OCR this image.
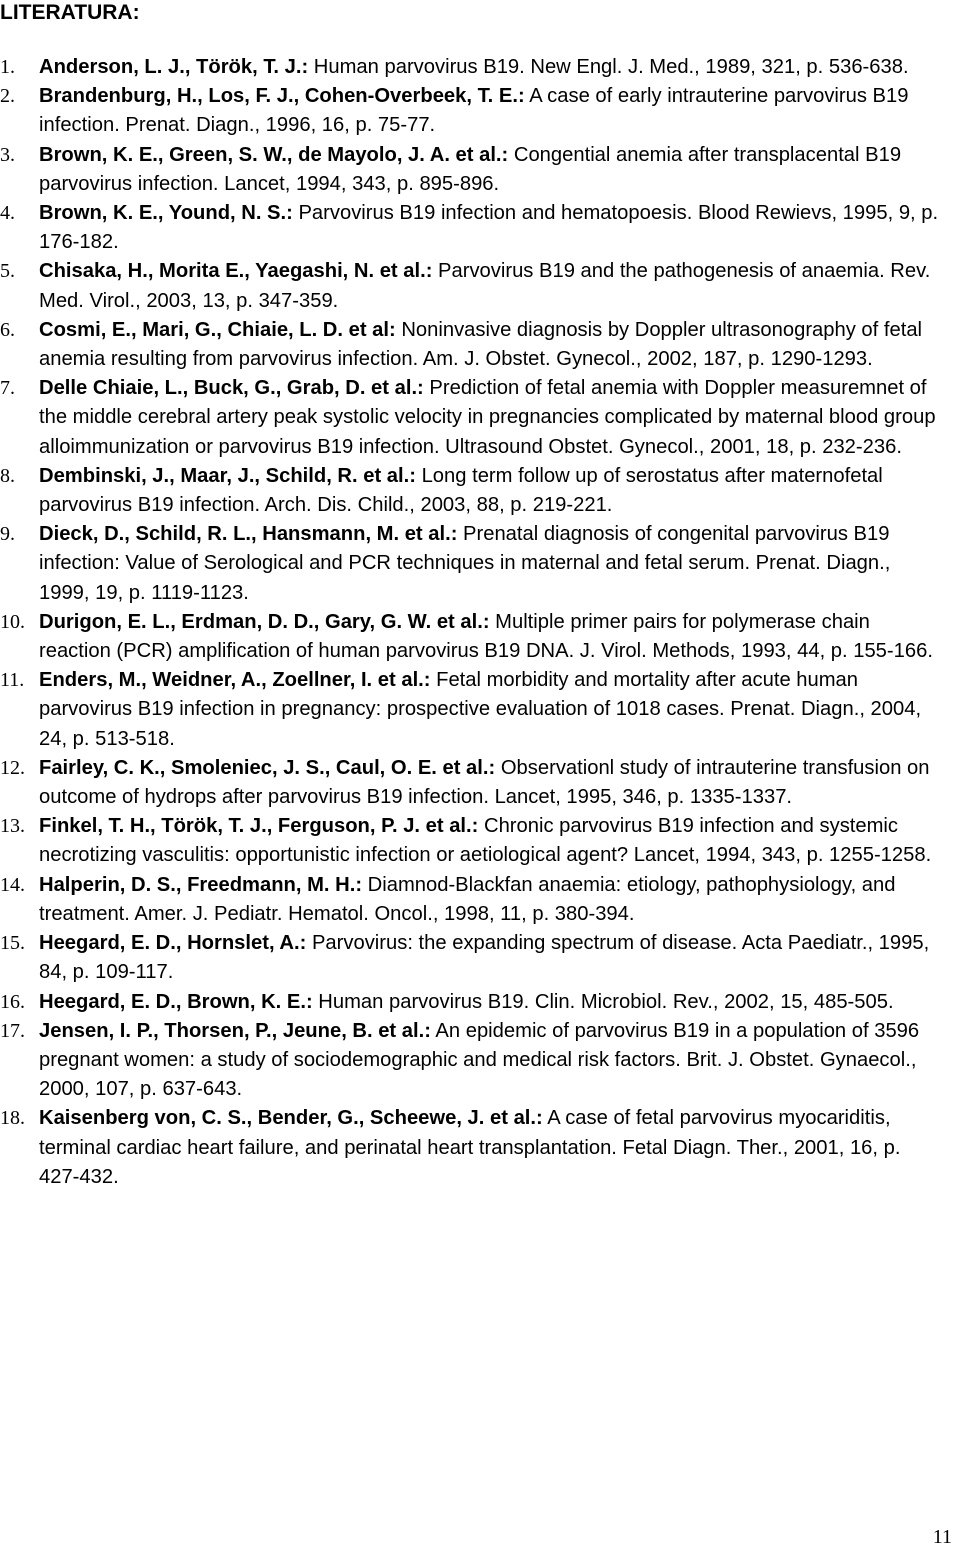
LITERATURA:
1. Anderson, L. J., Török, T. J.: Human parvovirus B19. New Engl. J. Med., 1989, 321, p. 536-638.
2. Brandenburg, H., Los, F. J., Cohen-Overbeek, T. E.: A case of early intrauterine parvovirus B19 infection. Prenat. Diagn., 1996, 16, p. 75-77.
3. Brown, K. E., Green, S. W., de Mayolo, J. A. et al.: Congential anemia after transplacental B19 parvovirus infection. Lancet, 1994, 343, p. 895-896.
4. Brown, K. E., Yound, N. S.: Parvovirus B19 infection and hematopoesis. Blood Rewievs, 1995, 9, p. 176-182.
5. Chisaka, H., Morita E., Yaegashi, N. et al.: Parvovirus B19 and the pathogenesis of anaemia. Rev. Med. Virol., 2003, 13, p. 347-359.
6. Cosmi, E., Mari, G., Chiaie, L. D. et al: Noninvasive diagnosis by Doppler ultrasonography of fetal anemia resulting from parvovirus infection. Am. J. Obstet. Gynecol., 2002, 187, p. 1290-1293.
7. Delle Chiaie, L., Buck, G., Grab, D. et al.: Prediction of fetal anemia with Doppler measuremnet of the middle cerebral artery peak systolic velocity in pregnancies complicated by maternal blood group alloimmunization or parvovirus B19 infection. Ultrasound Obstet. Gynecol., 2001, 18, p. 232-236.
8. Dembinski, J., Maar, J., Schild, R. et al.: Long term follow up of serostatus after maternofetal parvovirus B19 infection. Arch. Dis. Child., 2003, 88, p. 219-221.
9. Dieck, D., Schild, R. L., Hansmann, M. et al.: Prenatal diagnosis of congenital parvovirus B19 infection: Value of Serological and PCR techniques in maternal and fetal serum. Prenat. Diagn., 1999, 19, p. 1119-1123.
10. Durigon, E. L., Erdman, D. D., Gary, G. W. et al.: Multiple primer pairs for polymerase chain reaction (PCR) amplification of human parvovirus B19 DNA. J. Virol. Methods, 1993, 44, p. 155-166.
11. Enders, M., Weidner, A., Zoellner, I. et al.: Fetal morbidity and mortality after acute human parvovirus B19 infection in pregnancy: prospective evaluation of 1018 cases. Prenat. Diagn., 2004, 24, p. 513-518.
12. Fairley, C. K., Smoleniec, J. S., Caul, O. E. et al.: Observationl study of intrauterine transfusion on outcome of hydrops after parvovirus B19 infection. Lancet, 1995, 346, p. 1335-1337.
13. Finkel, T. H., Török, T. J., Ferguson, P. J. et al.: Chronic parvovirus B19 infection and systemic necrotizing vasculitis: opportunistic infection or aetiological agent? Lancet, 1994, 343, p. 1255-1258.
14. Halperin, D. S., Freedmann, M. H.: Diamnod-Blackfan anaemia: etiology, pathophysiology, and treatment. Amer. J. Pediatr. Hematol. Oncol., 1998, 11, p. 380-394.
15. Heegard, E. D., Hornslet, A.: Parvovirus: the expanding spectrum of disease. Acta Paediatr., 1995, 84, p. 109-117.
16. Heegard, E. D., Brown, K. E.: Human parvovirus B19. Clin. Microbiol. Rev., 2002, 15, 485-505.
17. Jensen, I. P., Thorsen, P., Jeune, B. et al.: An epidemic of parvovirus B19 in a population of 3596 pregnant women: a study of sociodemographic and medical risk factors. Brit. J. Obstet. Gynaecol., 2000, 107, p. 637-643.
18. Kaisenberg von, C. S., Bender, G., Scheewe, J. et al.: A case of fetal parvovirus myocariditis, terminal cardiac heart failure, and perinatal heart transplantation. Fetal Diagn. Ther., 2001, 16, p. 427-432.
11
